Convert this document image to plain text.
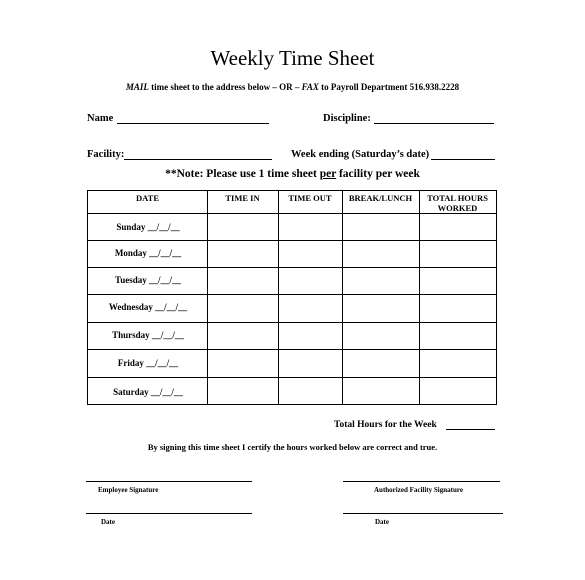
Weekly Time Sheet
MAIL time sheet to the address below – OR – FAX to Payroll Department 516.938.2228
Name	Discipline:
Facility:	Week ending (Saturday’s date)
**Note: Please use 1 time sheet per facility per week
DATE	TIME IN	TIME OUT	BREAK/LUNCH	TOTAL HOURS
WORKED
Sunday __/__/__
Monday __/__/__
Tuesday __/__/__
Wednesday __/__/__
Thursday __/__/__
Friday __/__/__
Saturday __/__/__
Total Hours for the Week
By signing this time sheet I certify the hours worked below are correct and true.
Employee Signature	Authorized Facility Signature
Date	Date
